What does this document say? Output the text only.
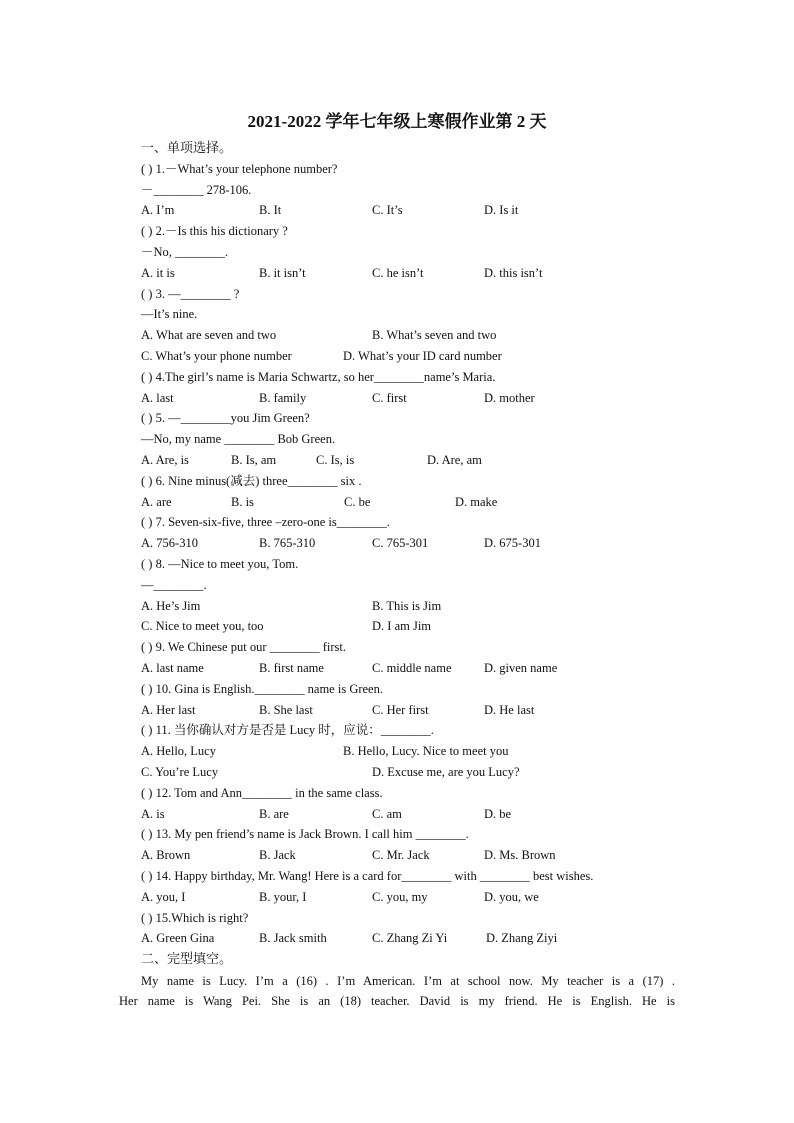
2021-2022 学年七年级上寒假作业第 2 天
一、单项选择。
( ) 1.－What’s your telephone number?
－________ 278-106.
A. I’m	B. It	C. It’s	D. Is it
( ) 2.－Is this his dictionary ?
－No, ________.
A. it is	B. it isn’t	C. he isn’t	D. this isn’t
( ) 3. —________ ?
—It’s nine.
A. What are seven and two	B. What’s seven and two
C. What’s your phone number	D. What’s your ID card number
( ) 4.The girl’s name is Maria Schwartz, so her________name’s Maria.
A. last	B. family	C. first	D. mother
( ) 5. —________you Jim Green?
—No, my name ________ Bob Green.
A. Are, is	B. Is, am	C. Is, is	D. Are, am
( ) 6. Nine minus(减去) three________ six .
A. are	B. is	C. be	D. make
( ) 7. Seven-six-five, three –zero-one is________.
A. 756-310	B. 765-310	C. 765-301	D. 675-301
( ) 8. —Nice to meet you, Tom.
—________.
A. He’s Jim	B. This is Jim
C. Nice to meet you, too	D. I am Jim
( ) 9. We Chinese put our ________ first.
A. last name	B. first name	C. middle name	D. given name
( ) 10. Gina is English.________ name is Green.
A. Her last	B. She last	C. Her first	D. He last
( ) 11. 当你确认对方是否是 Lucy 时，应说：________.
A. Hello, Lucy	B. Hello, Lucy. Nice to meet you
C. You’re Lucy	D. Excuse me, are you Lucy?
( ) 12. Tom and Ann________ in the same class.
A. is	B. are	C. am	D. be
( ) 13. My pen friend’s name is Jack Brown. I call him ________.
A. Brown	B. Jack	C. Mr. Jack	D. Ms. Brown
( ) 14. Happy birthday, Mr. Wang! Here is a card for________ with ________ best wishes.
A. you, I	B. your, I	C. you, my	D. you, we
( ) 15.Which is right?
A. Green Gina	B. Jack smith	C. Zhang Zi Yi	D. Zhang Ziyi
二、完型填空。

My name is Lucy. I’m a (16) . I’m American. I’m at school now. My teacher is a (17) .

Her name is Wang Pei. She is an (18) teacher. David is my friend. He is English. He is
